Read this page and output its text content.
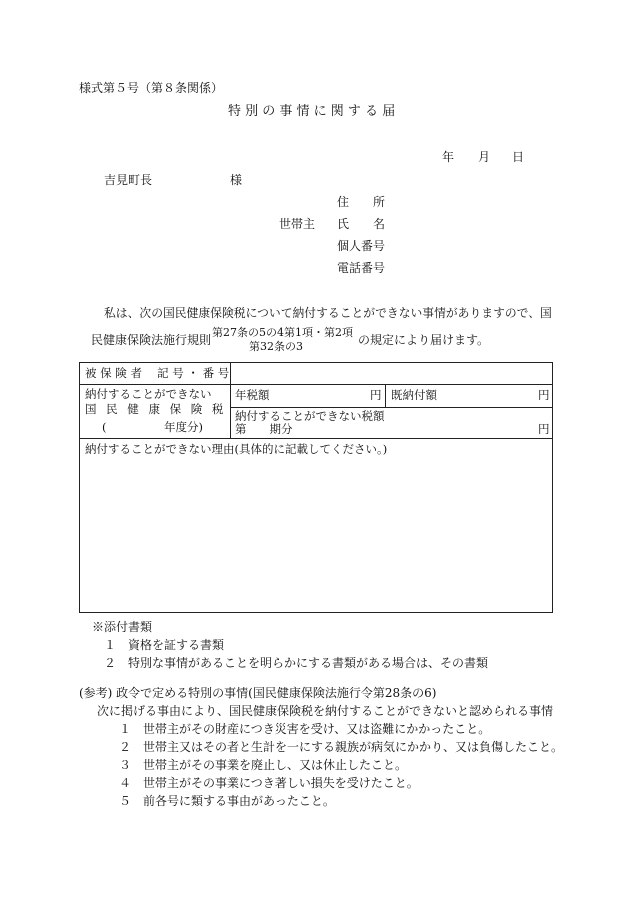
様式第５号（第８条関係）
特 別 の 事 情 に 関 す る 届
年 月 日
吉見町長	様
住　　所
世帯主 氏　　名
個人番号
電話番号
私は、次の国民健康保険税について納付することができない事情がありますので、国
民健康保険法施行規則
第27条の5の4第1項・第2項
第32条の3	の規定により届けます。
被 保 険 者　 記 号 ・ 番 号
納付することができない
国 民 健 康 保 険 税
(　　　　　年度分)
年税額	円 既納付額	円
納付することができない税額
第　　期分	円
納付することができない理由(具体的に記載してください。)
※添付書類
１　資格を証する書類
２　特別な事情があることを明らかにする書類がある場合は、その書類
(参考) 政令で定める特別の事情(国民健康保険法施行令第28条の6)
次に掲げる事由により、国民健康保険税を納付することができないと認められる事情
１　世帯主がその財産につき災害を受け、又は盗難にかかったこと。
２　世帯主又はその者と生計を一にする親族が病気にかかり、又は負傷したこと。
３　世帯主がその事業を廃止し、又は休止したこと。
４　世帯主がその事業につき著しい損失を受けたこと。
５　前各号に類する事由があったこと。
